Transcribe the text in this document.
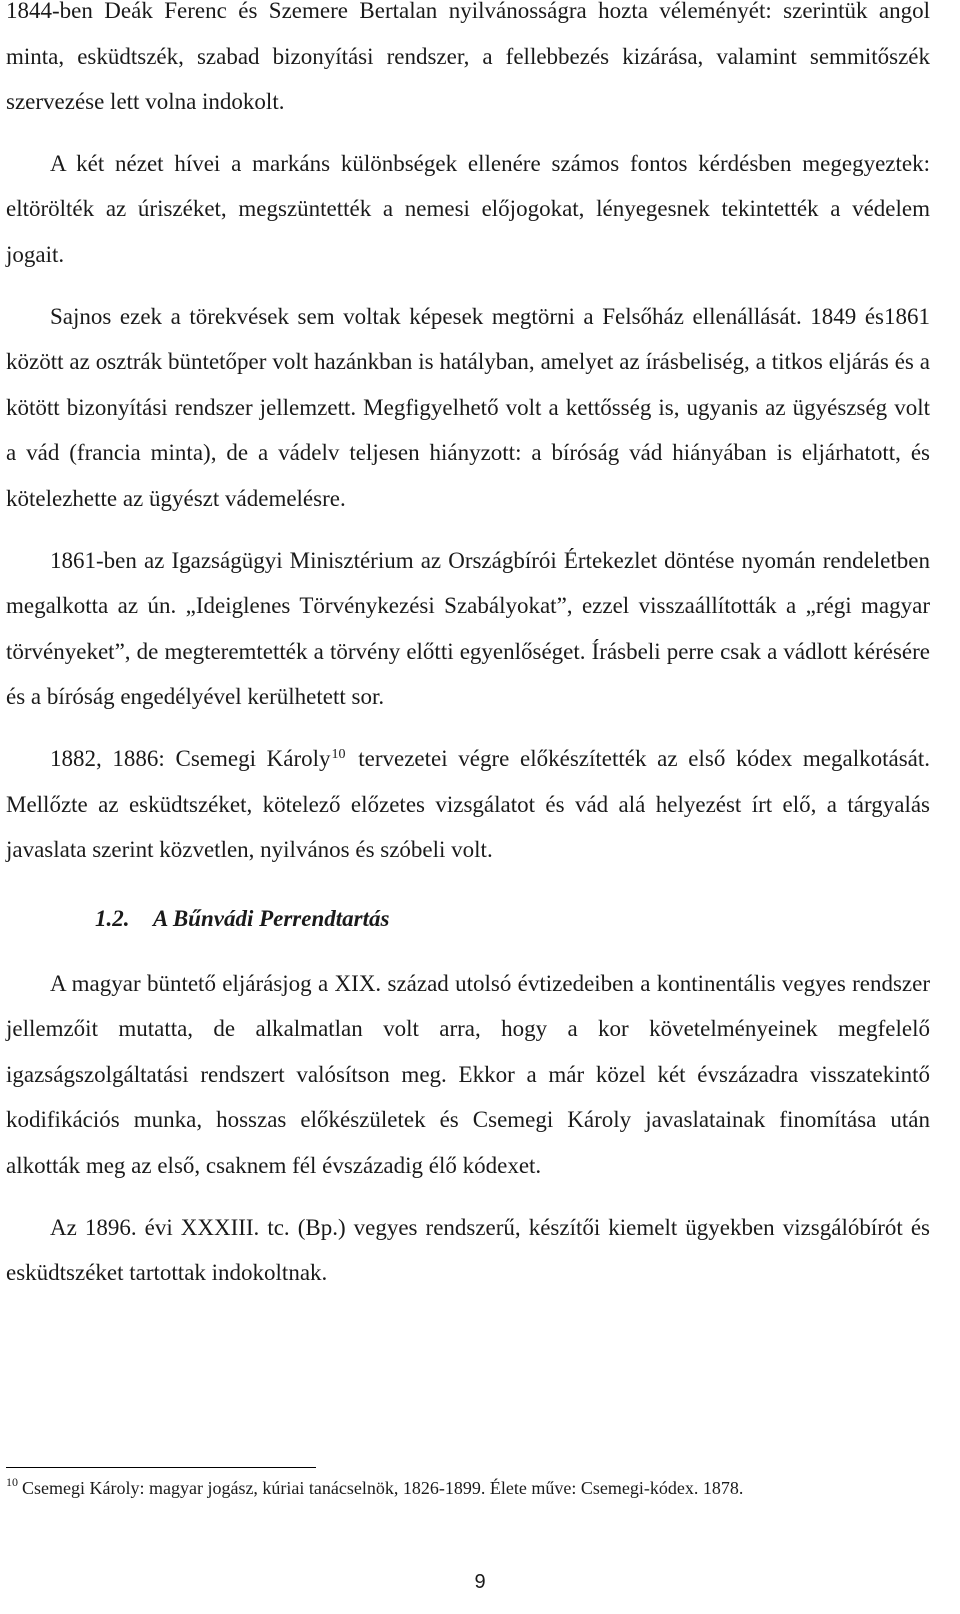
1844-ben Deák Ferenc és Szemere Bertalan nyilvánosságra hozta véleményét: szerintük angol minta, esküdtszék, szabad bizonyítási rendszer, a fellebbezés kizárása, valamint semmitőszék szervezése lett volna indokolt.

A két nézet hívei a markáns különbségek ellenére számos fontos kérdésben megegyeztek: eltörölték az úriszéket, megszüntették a nemesi előjogokat, lényegesnek tekintették a védelem jogait.

Sajnos ezek a törekvések sem voltak képesek megtörni a Felsőház ellenállását. 1849 és1861 között az osztrák büntetőper volt hazánkban is hatályban, amelyet az írásbeliség, a titkos eljárás és a kötött bizonyítási rendszer jellemzett. Megfigyelhető volt a kettősség is, ugyanis az ügyészség volt a vád (francia minta), de a vádelv teljesen hiányzott: a bíróság vád hiányában is eljárhatott, és kötelezhette az ügyészt vádemelésre.

1861-ben az Igazságügyi Minisztérium az Országbírói Értekezlet döntése nyomán rendeletben megalkotta az ún. „Ideiglenes Törvénykezési Szabályokat”, ezzel visszaállították a „régi magyar törvényeket”, de megteremtették a törvény előtti egyenlőséget. Írásbeli perre csak a vádlott kérésére és a bíróság engedélyével kerülhetett sor.

1882, 1886: Csemegi Károly$^{10}$ tervezetei végre előkészítették az első kódex megalkotását. Mellőzte az esküdtszéket, kötelező előzetes vizsgálatot és vád alá helyezést írt elő, a tárgyalás javaslata szerint közvetlen, nyilvános és szóbeli volt.

1.2. A Bűnvádi Perrendtartás

A magyar büntető eljárásjog a XIX. század utolsó évtizedeiben a kontinentális vegyes rendszer jellemzőit mutatta, de alkalmatlan volt arra, hogy a kor követelményeinek megfelelő igazságszolgáltatási rendszert valósítson meg. Ekkor a már közel két évszázadra visszatekintő kodifikációs munka, hosszas előkészületek és Csemegi Károly javaslatainak finomítása után alkották meg az első, csaknem fél évszázadig élő kódexet.

Az 1896. évi XXXIII. tc. (Bp.) vegyes rendszerű, készítői kiemelt ügyekben vizsgálóbírót és esküdtszéket tartottak indokoltnak.

$^{10}$ Csemegi Károly: magyar jogász, kúriai tanácselnök, 1826-1899. Élete műve: Csemegi-kódex. 1878.
9
